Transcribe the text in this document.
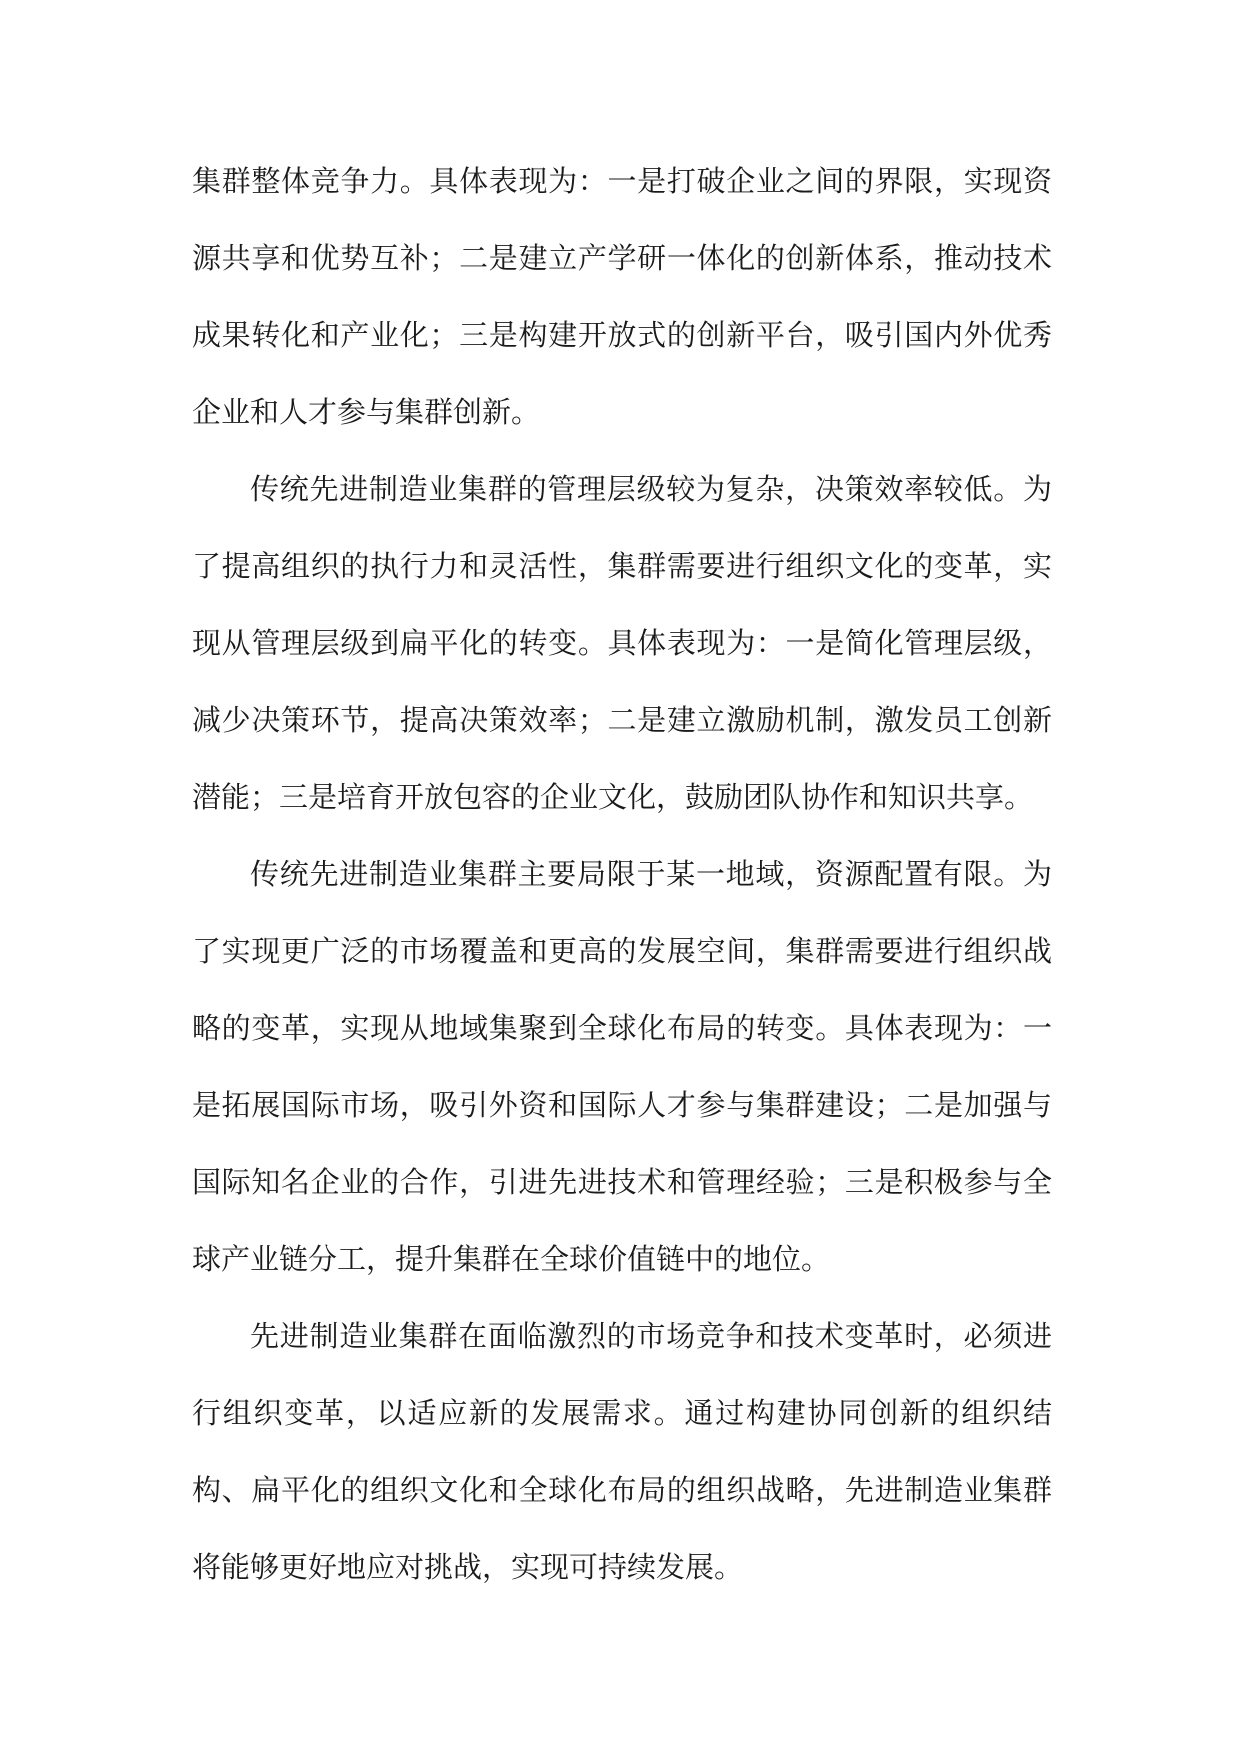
集群整体竞争力。具体表现为：一是打破企业之间的界限，实现资源共享和优势互补；二是建立产学研一体化的创新体系，推动技术成果转化和产业化；三是构建开放式的创新平台，吸引国内外优秀企业和人才参与集群创新。

传统先进制造业集群的管理层级较为复杂，决策效率较低。为了提高组织的执行力和灵活性，集群需要进行组织文化的变革，实现从管理层级到扁平化的转变。具体表现为：一是简化管理层级，减少决策环节，提高决策效率；二是建立激励机制，激发员工创新潜能；三是培育开放包容的企业文化，鼓励团队协作和知识共享。

传统先进制造业集群主要局限于某一地域，资源配置有限。为了实现更广泛的市场覆盖和更高的发展空间，集群需要进行组织战略的变革，实现从地域集聚到全球化布局的转变。具体表现为：一是拓展国际市场，吸引外资和国际人才参与集群建设；二是加强与国际知名企业的合作，引进先进技术和管理经验；三是积极参与全球产业链分工，提升集群在全球价值链中的地位。

先进制造业集群在面临激烈的市场竞争和技术变革时，必须进行组织变革，以适应新的发展需求。通过构建协同创新的组织结构、扁平化的组织文化和全球化布局的组织战略，先进制造业集群将能够更好地应对挑战，实现可持续发展。
